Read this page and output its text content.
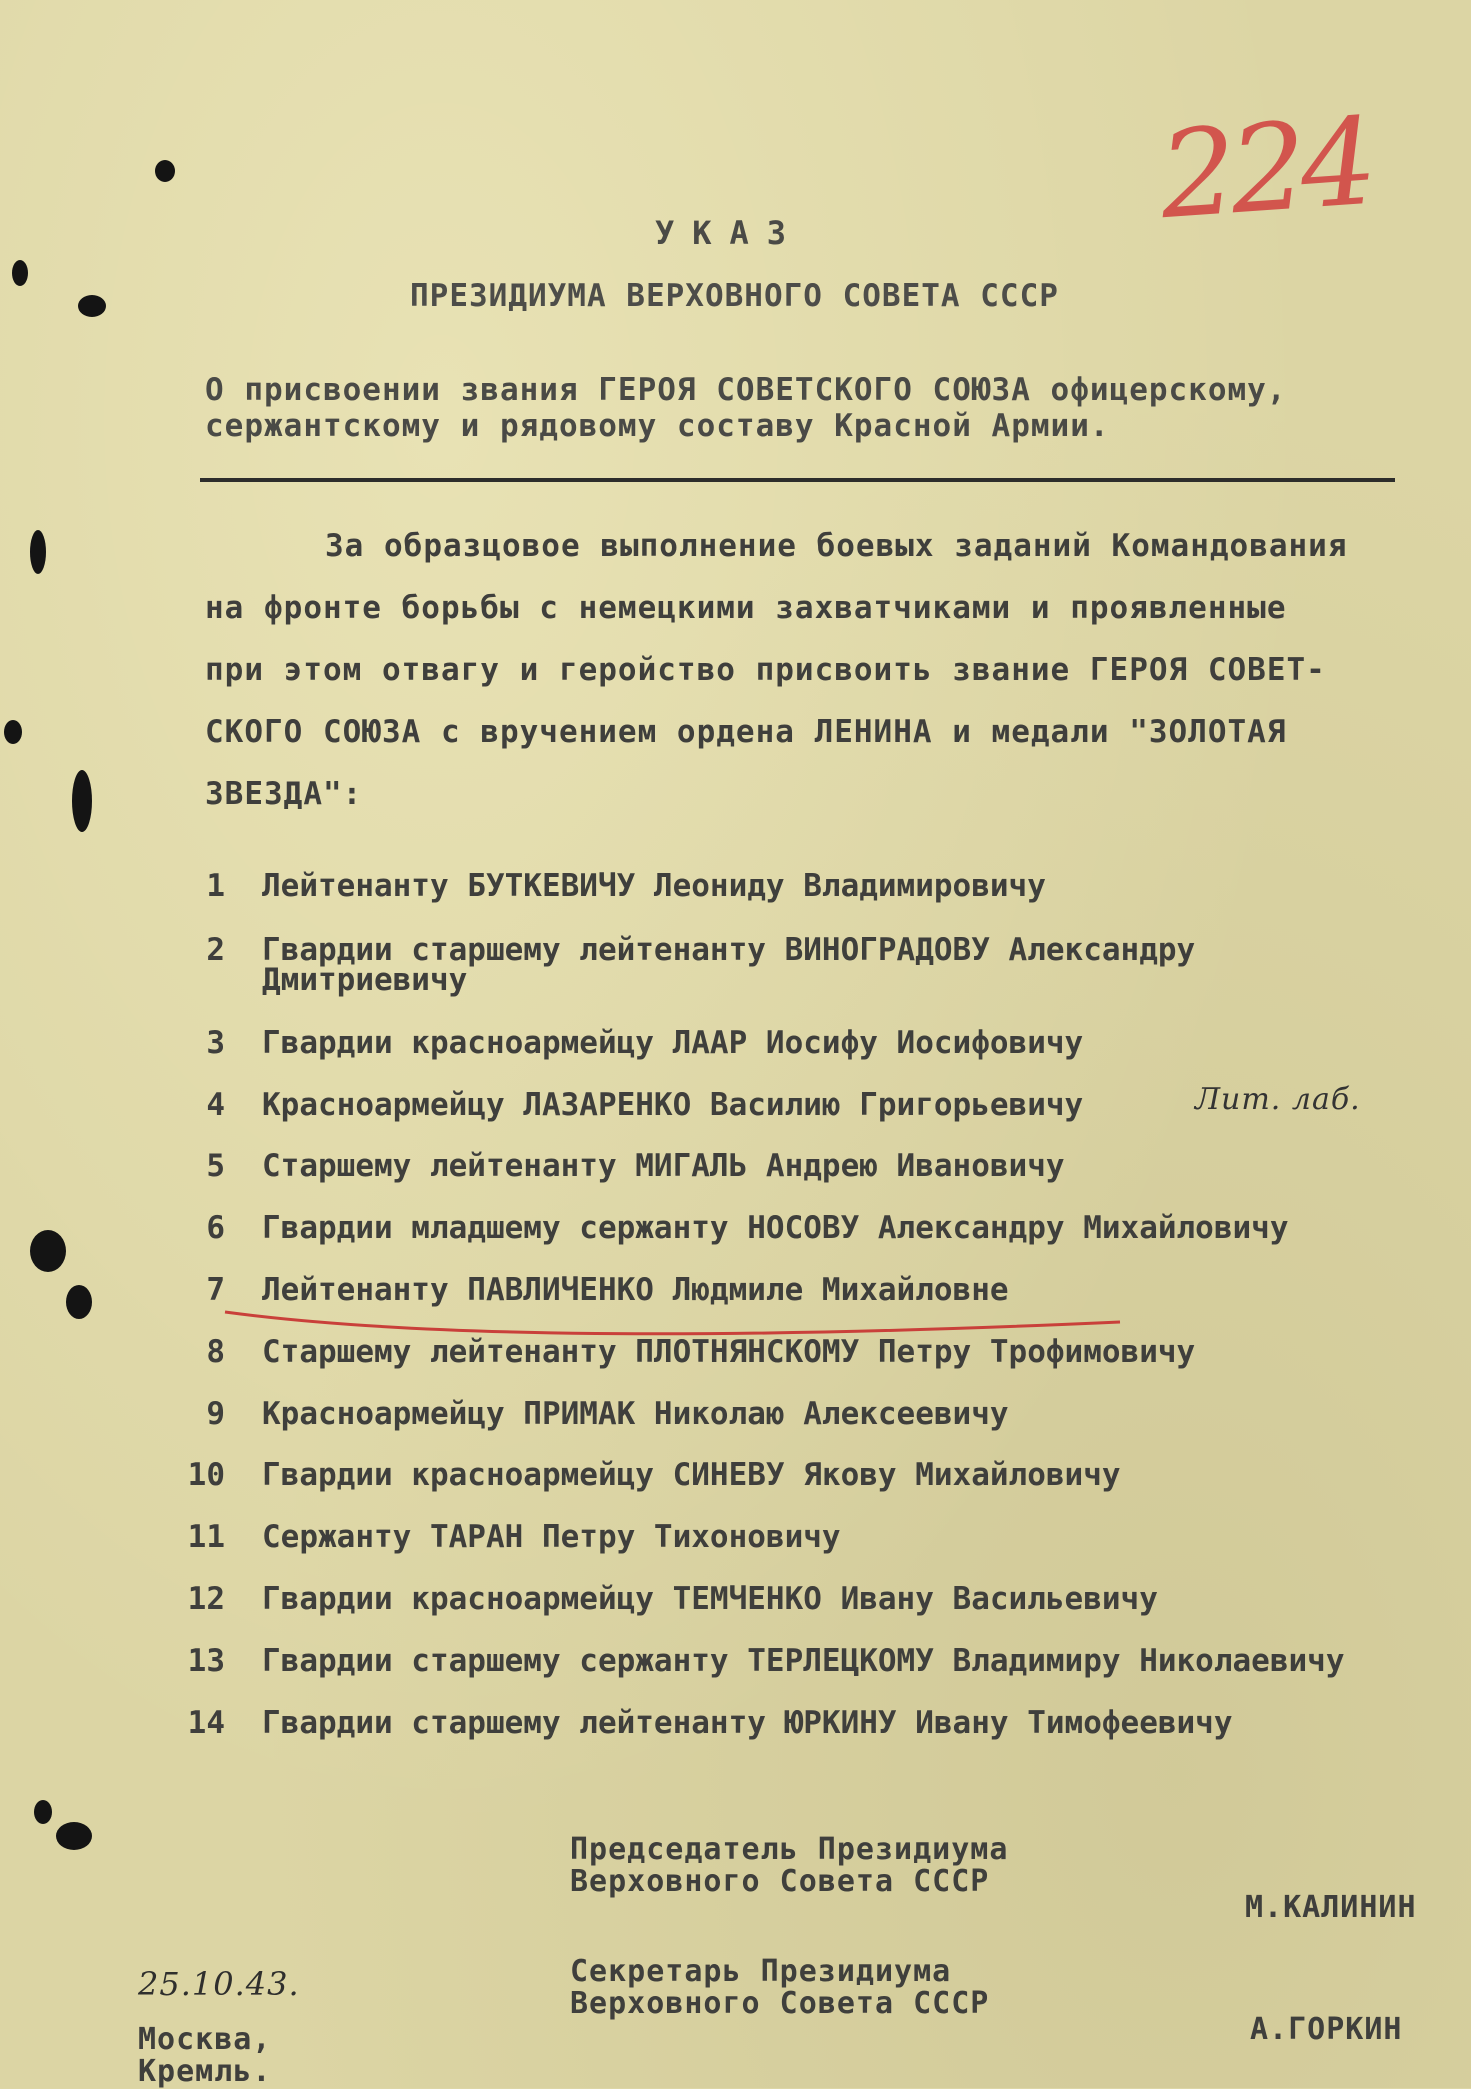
224
УКАЗ
ПРЕЗИДИУМА ВЕРХОВНОГО СОВЕТА СССР
О присвоении звания ГЕРОЯ СОВЕТСКОГО СОЮЗА офицерскому,
сержантскому и рядовому составу Красной Армии.
За образцовое выполнение боевых заданий Командования
на фронте борьбы с немецкими захватчиками и проявленные
при этом отвагу и геройство присвоить звание ГЕРОЯ СОВЕТ-
СКОГО СОЮЗА с вручением ордена ЛЕНИНА и медали "ЗОЛОТАЯ
ЗВЕЗДА":
1 Лейтенанту БУТКЕВИЧУ Леониду Владимировичу
2 Гвардии старшему лейтенанту ВИНОГРАДОВУ Александру
Дмитриевичу
3 Гвардии красноармейцу ЛААР Иосифу Иосифовичу
4 Красноармейцу ЛАЗАРЕНКО Василию Григорьевичу	Лит. лаб.
5 Старшему лейтенанту МИГАЛЬ Андрею Ивановичу
6 Гвардии младшему сержанту НОСОВУ Александру Михайловичу
7 Лейтенанту ПАВЛИЧЕНКО Людмиле Михайловне
8 Старшему лейтенанту ПЛОТНЯНСКОМУ Петру Трофимовичу
9 Красноармейцу ПРИМАК Николаю Алексеевичу
10 Гвардии красноармейцу СИНЕВУ Якову Михайловичу
11 Сержанту ТАРАН Петру Тихоновичу
12 Гвардии красноармейцу ТЕМЧЕНКО Ивану Васильевичу
13 Гвардии старшему сержанту ТЕРЛЕЦКОМУ Владимиру Николаевичу
14 Гвардии старшему лейтенанту ЮРКИНУ Ивану Тимофеевичу
Председатель Президиума
Верховного Совета СССР
М.КАЛИНИН
Секретарь Президиума
Верховного Совета СССР
А.ГОРКИН
25.10.43.
Москва,
Кремль.
